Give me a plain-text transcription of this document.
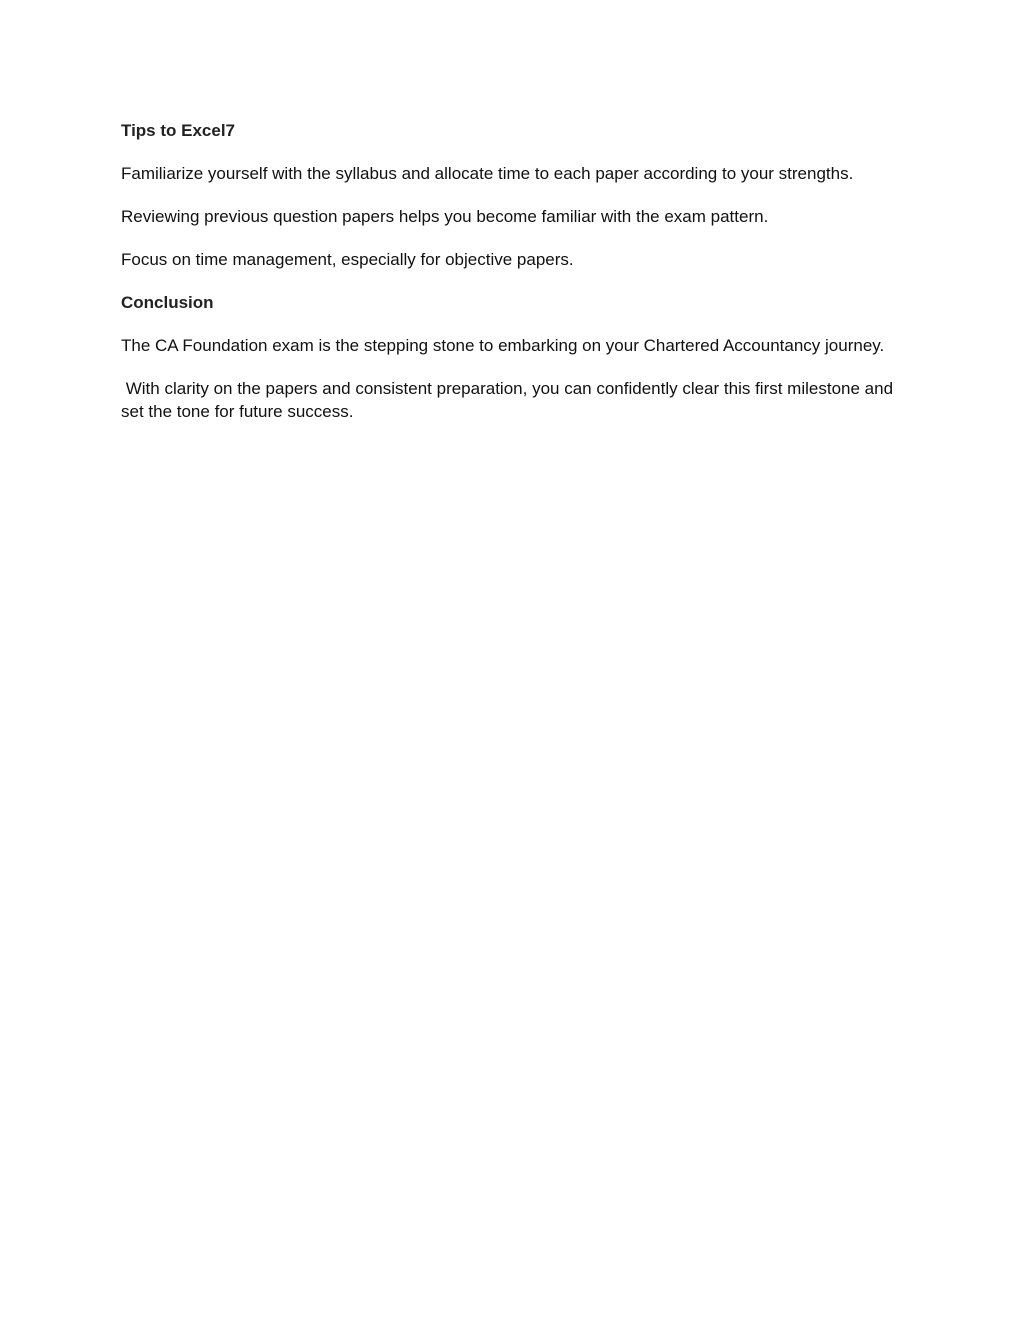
Tips to Excel7

Familiarize yourself with the syllabus and allocate time to each paper according to your strengths.

Reviewing previous question papers helps you become familiar with the exam pattern.

Focus on time management, especially for objective papers.

Conclusion

The CA Foundation exam is the stepping stone to embarking on your Chartered Accountancy journey.

With clarity on the papers and consistent preparation, you can confidently clear this first milestone and set the tone for future success.
